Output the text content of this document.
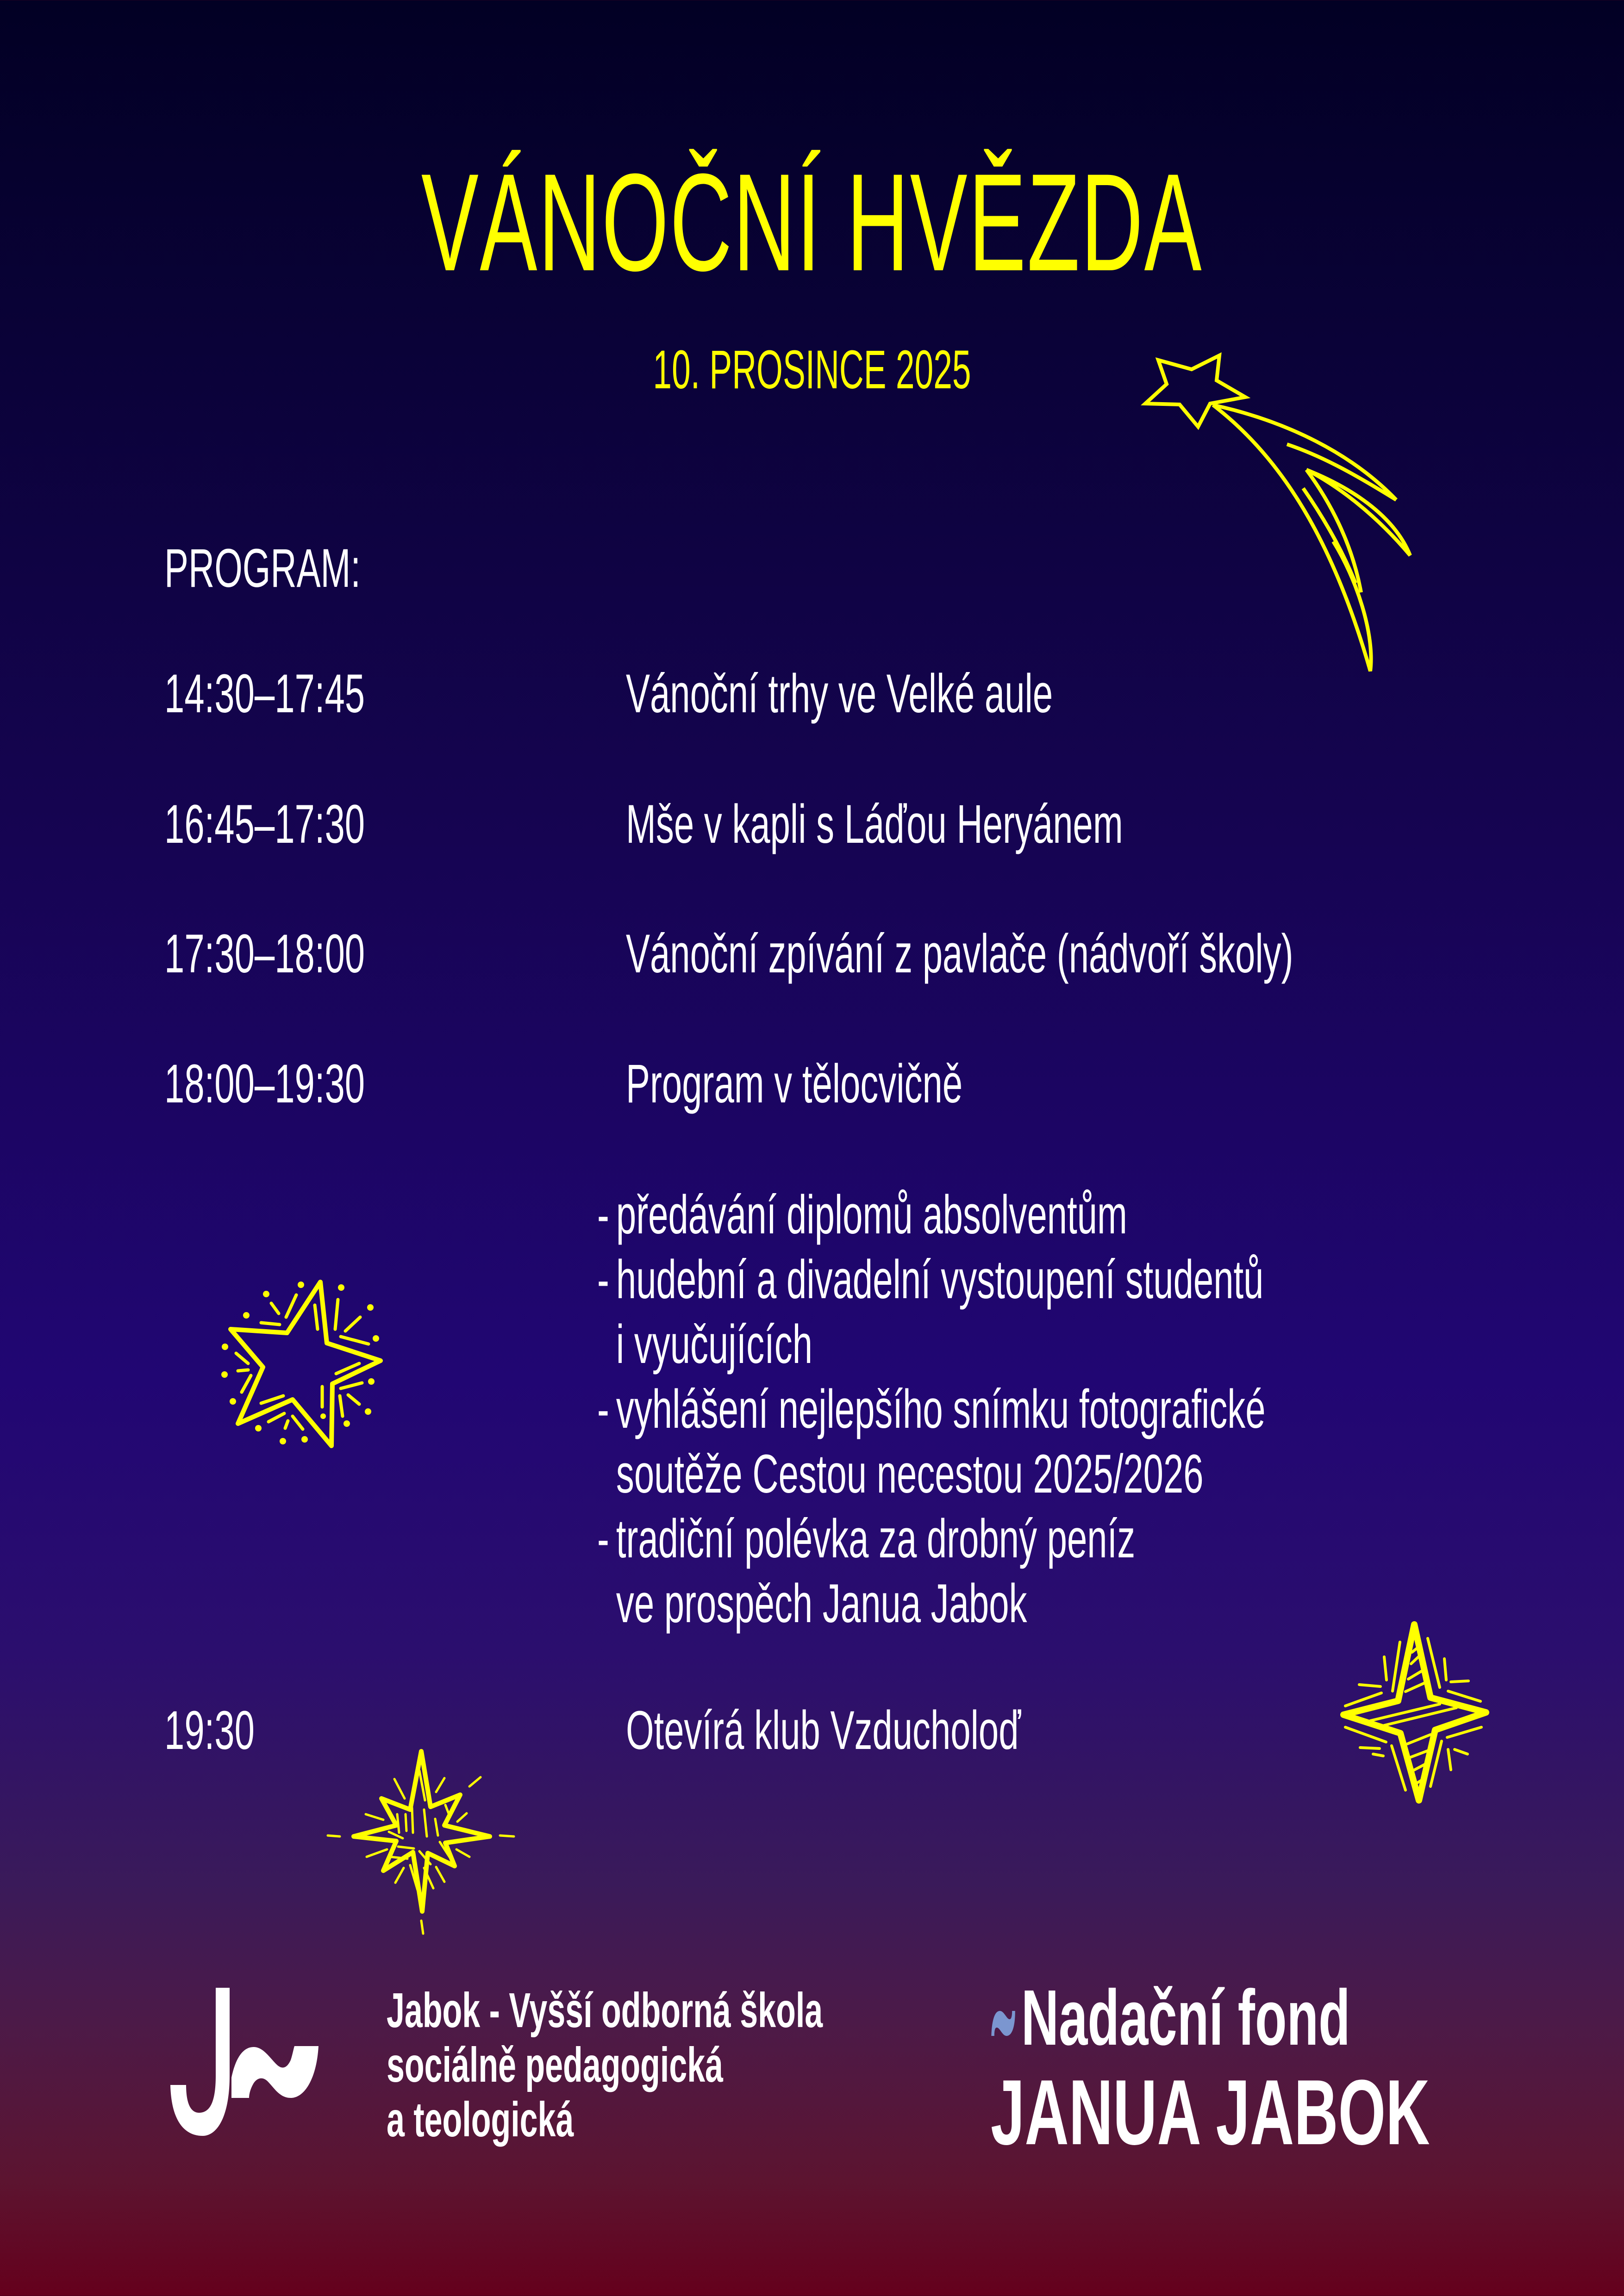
VÁNOČNÍ HVĚZDA
10. PROSINCE 2025
PROGRAM:
14:30–17:45	Vánoční trhy ve Velké aule
16:45–17:30	Mše v kapli s Láďou Heryánem
17:30–18:00	Vánoční zpívání z pavlače (nádvoří školy)
18:00–19:30	Program v tělocvičně
- předávání diplomů absolventům
- hudební a divadelní vystoupení studentů
i vyučujících
- vyhlášení nejlepšího snímku fotografické
soutěže Cestou necestou 2025/2026
- tradiční polévka za drobný peníz
ve prospěch Janua Jabok
19:30	Otevírá klub Vzducholoď
Jabok - Vyšší odborná škola
sociálně pedagogická
a teologická
Nadační fond
JANUA JABOK
